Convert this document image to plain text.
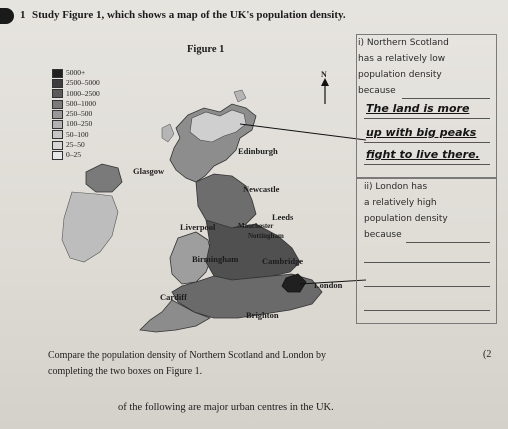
1 Study Figure 1, which shows a map of the UK's population density.
Figure 1
5000+
2500–5000
1000–2500
500–1000
250–500
100–250
50–100
25–50
0–25
N
Edinburgh
Glasgow
Newcastle
Leeds
Liverpool	Manchester
Nottingham
Birmingham	Cambridge
London
Cardiff
Brighton
i) Northern Scotland
has a relatively low
population density
because
The land is more
up with big peaks
fight to live there.
ii) London has
a relatively high
population density
because
Compare the population density of Northern Scotland and London by
completing the two boxes on Figure 1.
(2
of the following are major urban centres in the UK.
